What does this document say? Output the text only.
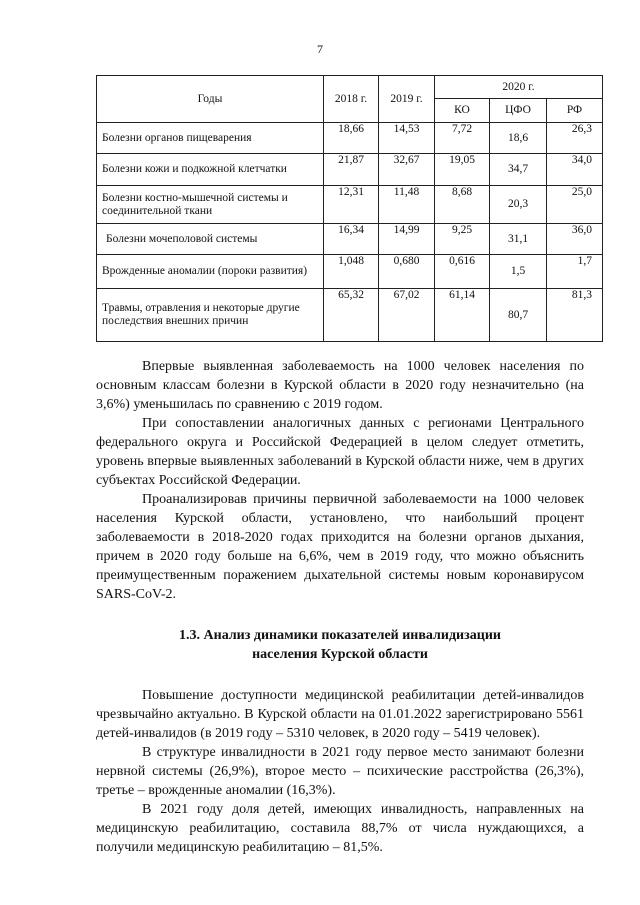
7
Годы	2018 г.	2019 г.	2020 г.		
			КО	ЦФО	РФ
Болезни органов пищеварения	18,66	14,53	7,72	18,6	26,3
Болезни кожи и подкожной клетчатки	21,87	32,67	19,05	34,7	34,0
Болезни костно-мышечной системы и соединительной ткани	12,31	11,48	8,68	20,3	25,0
Болезни мочеполовой системы	16,34	14,99	9,25	31,1	36,0
Врожденные аномалии (пороки развития)	1,048	0,680	0,616	1,5	1,7
Травмы, отравления и некоторые другие последствия внешних причин	65,32	67,02	61,14	80,7	81,3

Впервые выявленная заболеваемость на 1000 человек населения по основным классам болезни в Курской области в 2020 году незначительно (на 3,6%) уменьшилась по сравнению с 2019 годом.

При сопоставлении аналогичных данных с регионами Центрального федерального округа и Российской Федерацией в целом следует отметить, уровень впервые выявленных заболеваний в Курской области ниже, чем в других субъектах Российской Федерации.

Проанализировав причины первичной заболеваемости на 1000 человек населения Курской области, установлено, что наибольший процент заболеваемости в 2018-2020 годах приходится на болезни органов дыхания, причем в 2020 году больше на 6,6%, чем в 2019 году, что можно объяснить преимущественным поражением дыхательной системы новым коронавирусом SARS-CoV-2.

1.3. Анализ динамики показателей инвалидизации
населения Курской области

Повышение доступности медицинской реабилитации детей-инвалидов чрезвычайно актуально. В Курской области на 01.01.2022 зарегистрировано 5561 детей-инвалидов (в 2019 году – 5310 человек, в 2020 году – 5419 человек).

В структуре инвалидности в 2021 году первое место занимают болезни нервной системы (26,9%), второе место – психические расстройства (26,3%), третье – врожденные аномалии (16,3%).

В 2021 году доля детей, имеющих инвалидность, направленных на медицинскую реабилитацию, составила 88,7% от числа нуждающихся, а получили медицинскую реабилитацию – 81,5%.
